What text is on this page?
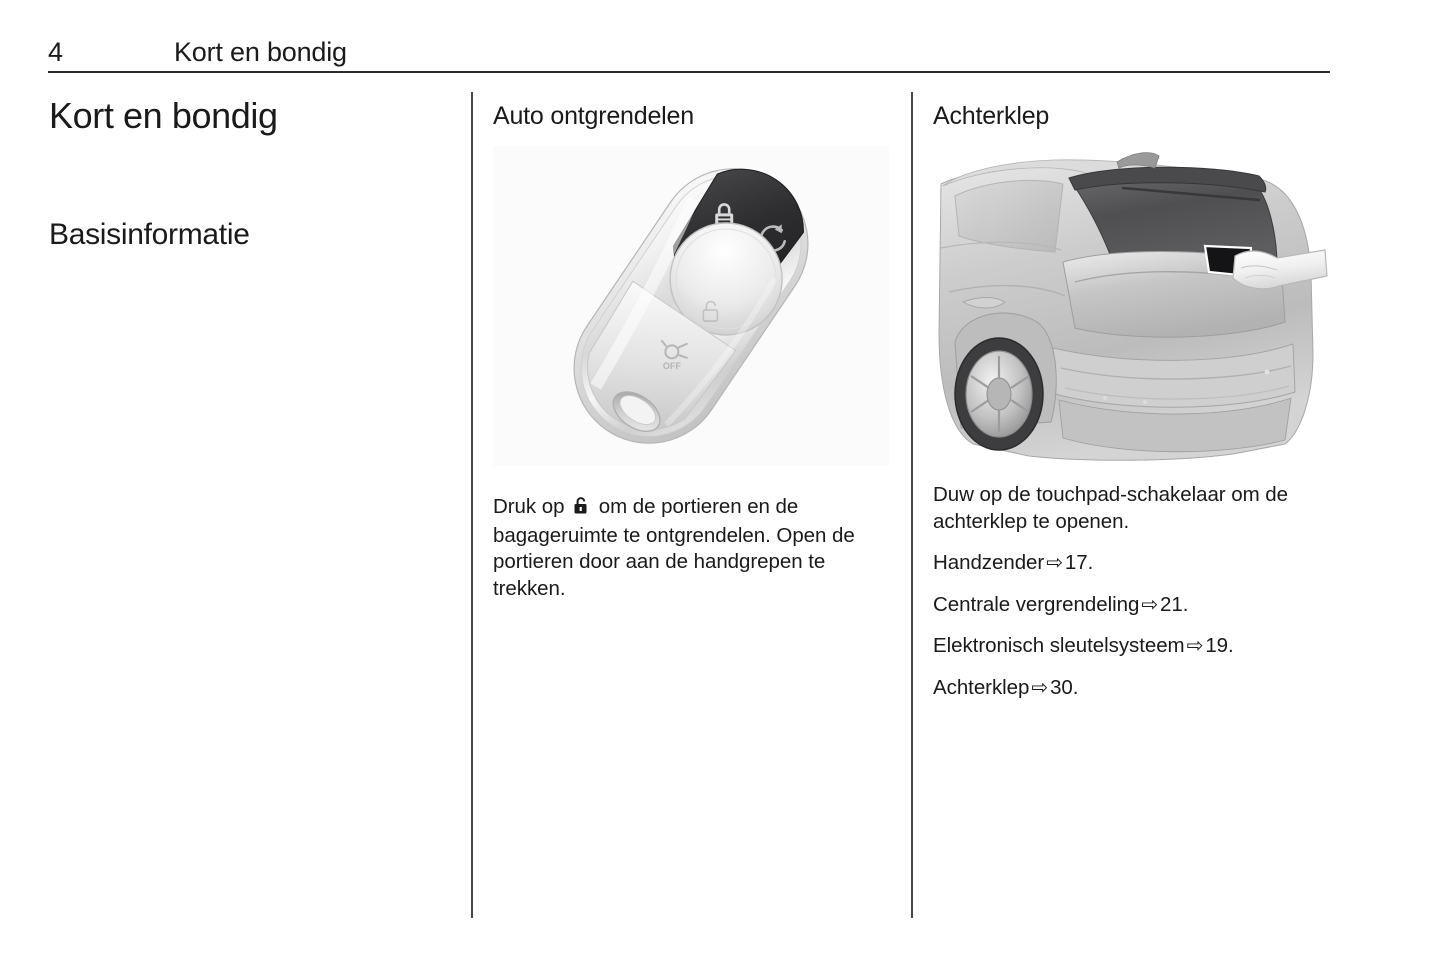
4	Kort en bondig
Kort en bondig
Basisinformatie
Auto ontgrendelen
OFF

Druk op  om de portieren en de bagageruimte te ontgrendelen. Open de portieren door aan de handgrepen te trekken.

Achterklep

Duw op de touchpad-schakelaar om de achterklep te openen.

Handzender ⇨17.

Centrale vergrendeling ⇨21.

Elektronisch sleutelsysteem ⇨19.

Achterklep ⇨30.
